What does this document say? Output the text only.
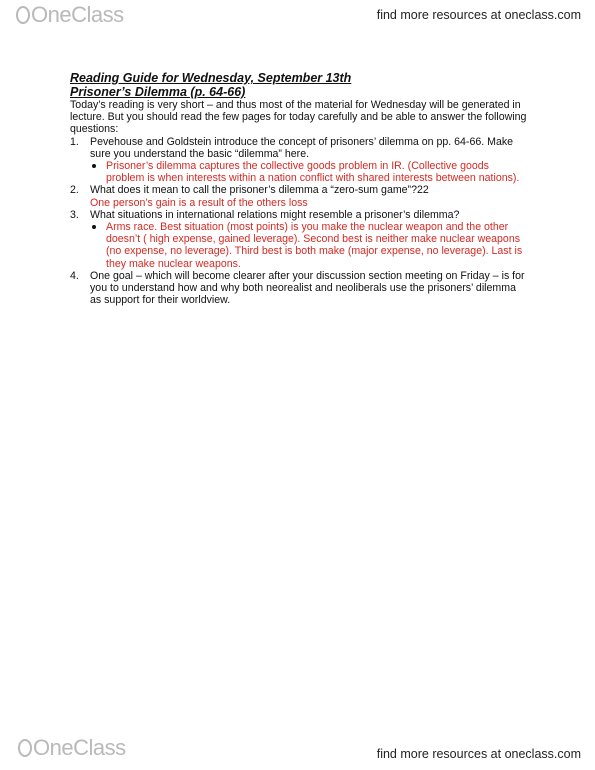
OneClass	find more resources at oneclass.com
Reading Guide for Wednesday, September 13th
Prisoner’s Dilemma (p. 64-66)

Today’s reading is very short – and thus most of the material for Wednesday will be generated in lecture. But you should read the few pages for today carefully and be able to answer the following questions:

1.	Pevehouse and Goldstein introduce the concept of prisoners’ dilemma on pp. 64-66. Make sure you understand the basic “dilemma” here.
Prisoner’s dilemma captures the collective goods problem in IR. (Collective goods problem is when interests within a nation conflict with shared interests between nations).
2.	What does it mean to call the prisoner’s dilemma a “zero-sum game”?22
One person’s gain is a result of the others loss
3.	What situations in international relations might resemble a prisoner’s dilemma?
Arms race. Best situation (most points) is you make the nuclear weapon and the other doesn’t ( high expense, gained leverage). Second best is neither make nuclear weapons (no expense, no leverage). Third best is both make (major expense, no leverage). Last is they make nuclear weapons.
4.	One goal – which will become clearer after your discussion section meeting on Friday – is for you to understand how and why both neorealist and neoliberals use the prisoners’ dilemma as support for their worldview.
OneClass	find more resources at oneclass.com
